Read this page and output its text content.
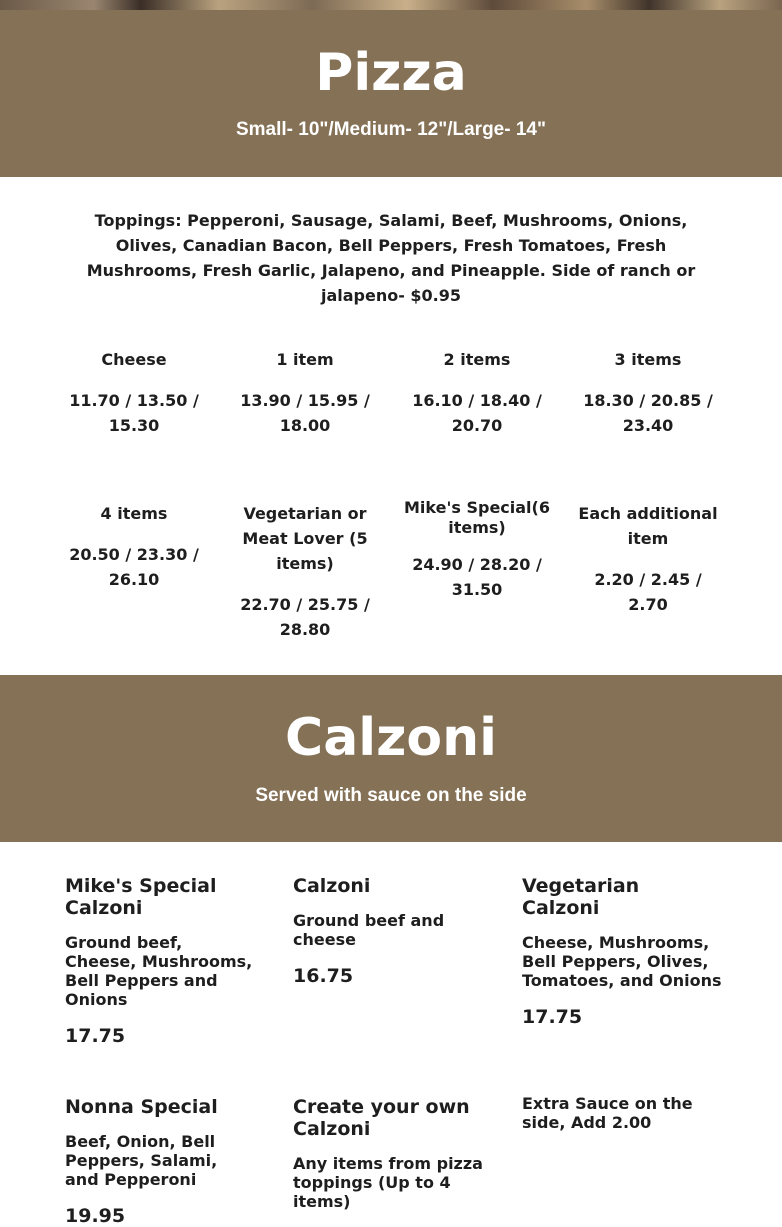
Pizza
Small- 10"/Medium- 12"/Large- 14"
Toppings: Pepperoni, Sausage, Salami, Beef, Mushrooms, Onions, Olives, Canadian Bacon, Bell Peppers, Fresh Tomatoes, Fresh Mushrooms, Fresh Garlic, Jalapeno, and Pineapple. Side of ranch or jalapeno- $0.95
Cheese
11.70 / 13.50 / 15.30
1 item
13.90 / 15.95 / 18.00
2 items
16.10 / 18.40 / 20.70
3 items
18.30 / 20.85 / 23.40
4 items
20.50 / 23.30 / 26.10
Vegetarian or Meat Lover (5 items)
22.70 / 25.75 / 28.80
Mike's Special(6 items)
24.90 / 28.20 / 31.50
Each additional item
2.20 / 2.45 / 2.70
Calzoni
Served with sauce on the side
Mike's Special Calzoni
Ground beef, Cheese, Mushrooms, Bell Peppers and Onions
17.75
Calzoni
Ground beef and cheese
16.75
Vegetarian Calzoni
Cheese, Mushrooms, Bell Peppers, Olives, Tomatoes, and Onions
17.75
Nonna Special
Beef, Onion, Bell Peppers, Salami, and Pepperoni
19.95
Create your own Calzoni
Any items from pizza toppings (Up to 4 items)
Extra Sauce on the side, Add 2.00
